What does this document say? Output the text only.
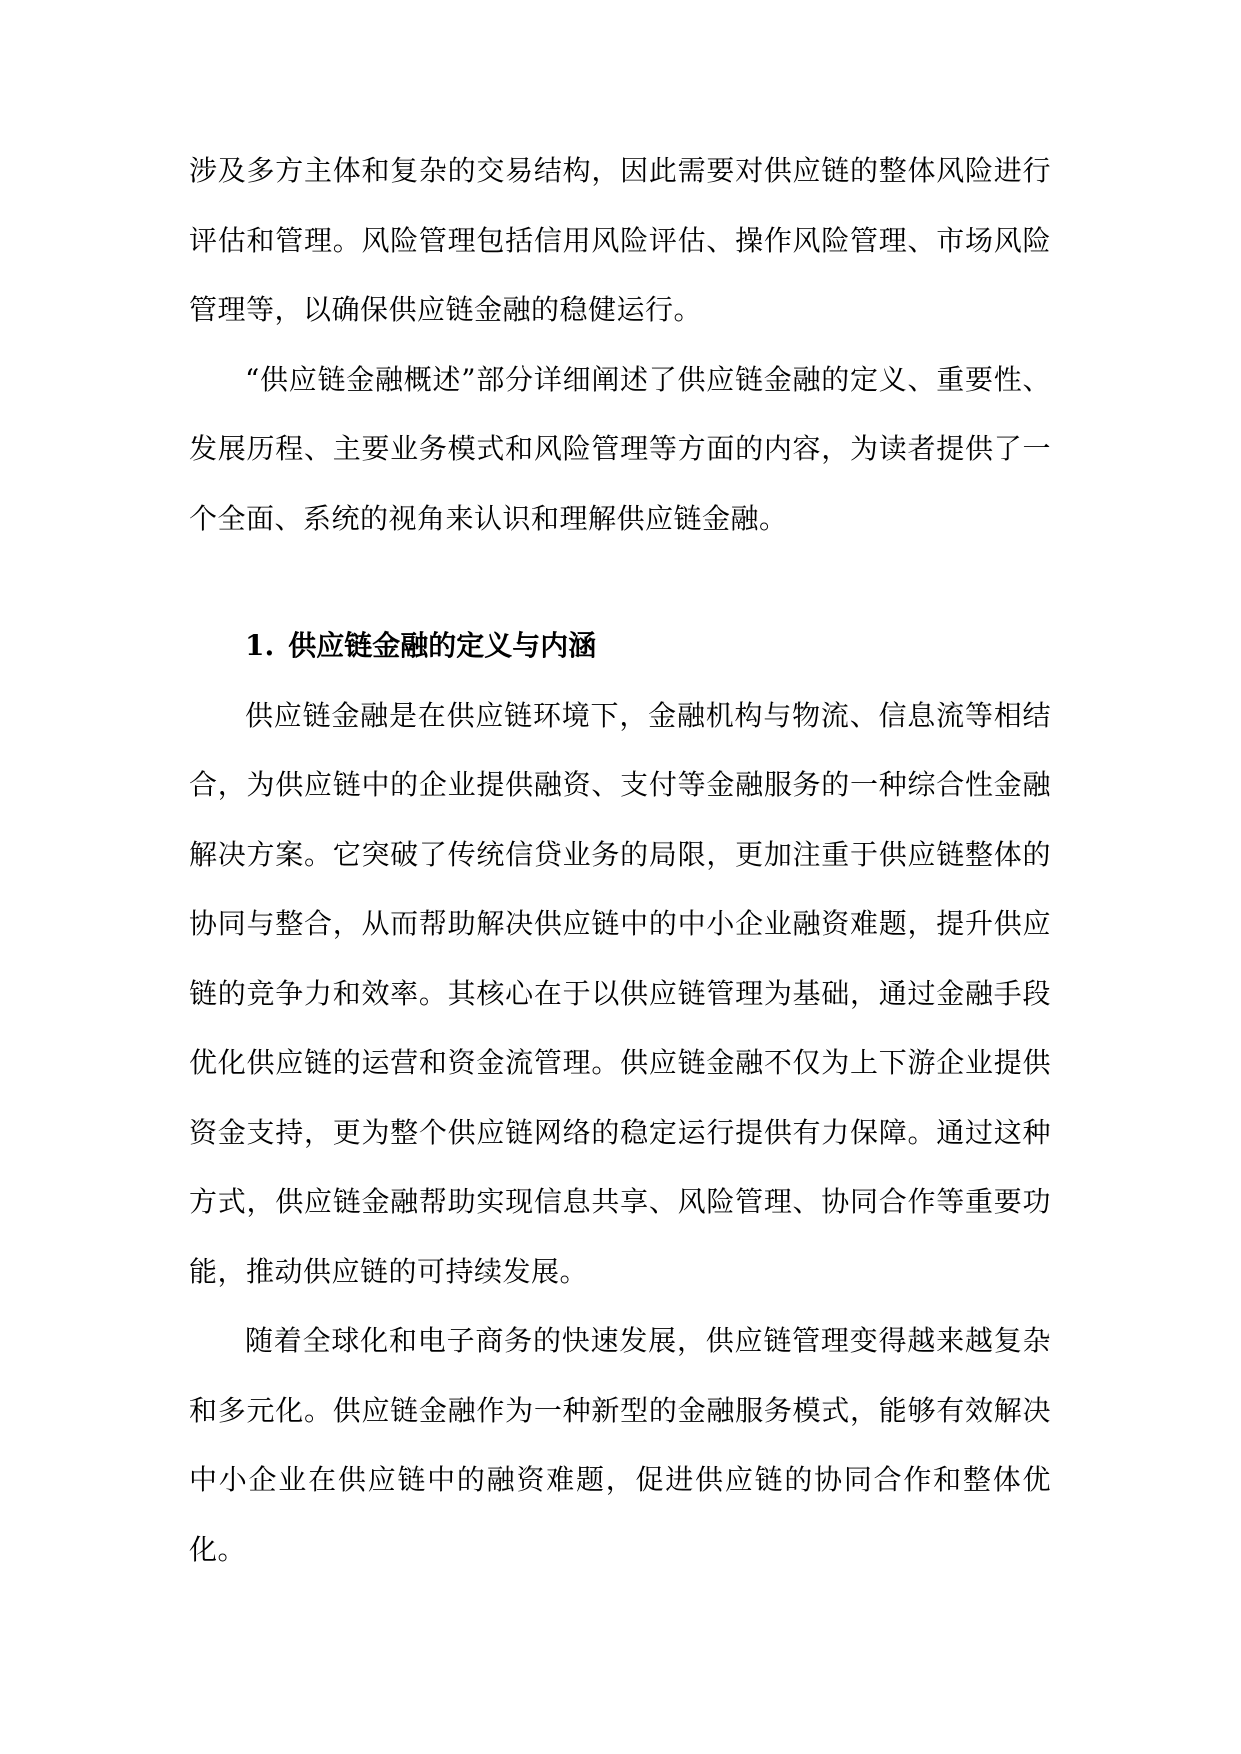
涉及多方主体和复杂的交易结构，因此需要对供应链的整体风险进行评估和管理。风险管理包括信用风险评估、操作风险管理、市场风险管理等，以确保供应链金融的稳健运行。

“供应链金融概述”部分详细阐述了供应链金融的定义、重要性、发展历程、主要业务模式和风险管理等方面的内容，为读者提供了一个全面、系统的视角来认识和理解供应链金融。

1. 供应链金融的定义与内涵

供应链金融是在供应链环境下，金融机构与物流、信息流等相结合，为供应链中的企业提供融资、支付等金融服务的一种综合性金融解决方案。它突破了传统信贷业务的局限，更加注重于供应链整体的协同与整合，从而帮助解决供应链中的中小企业融资难题，提升供应链的竞争力和效率。其核心在于以供应链管理为基础，通过金融手段优化供应链的运营和资金流管理。供应链金融不仅为上下游企业提供资金支持，更为整个供应链网络的稳定运行提供有力保障。通过这种方式，供应链金融帮助实现信息共享、风险管理、协同合作等重要功能，推动供应链的可持续发展。

随着全球化和电子商务的快速发展，供应链管理变得越来越复杂和多元化。供应链金融作为一种新型的金融服务模式，能够有效解决中小企业在供应链中的融资难题，促进供应链的协同合作和整体优化。
